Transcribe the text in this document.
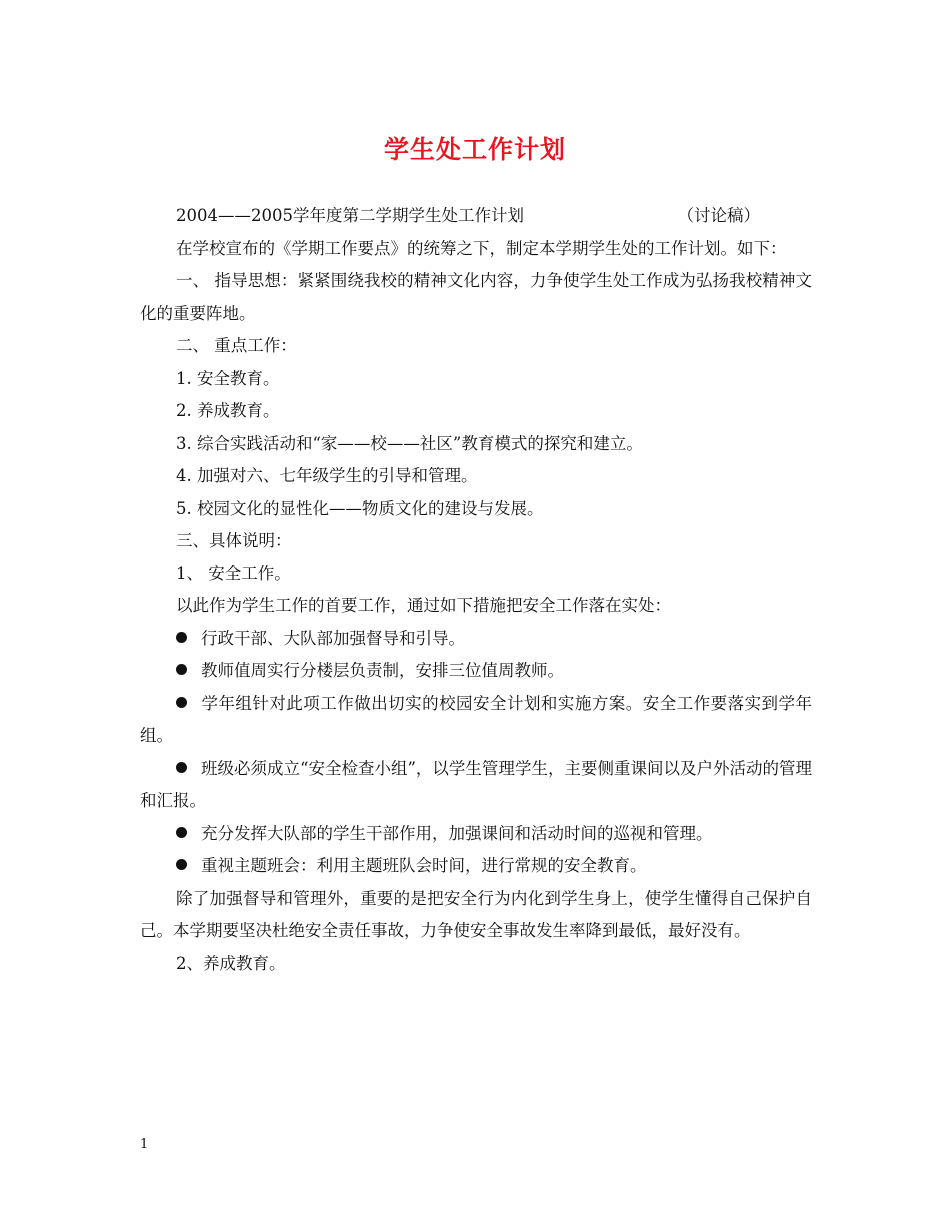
学生处工作计划
2004——2005学年度第二学期学生处工作计划	（讨论稿）

在学校宣布的《学期工作要点》的统筹之下，制定本学期学生处的工作计划。如下：

一、 指导思想：紧紧围绕我校的精神文化内容，力争使学生处工作成为弘扬我校精神文化的重要阵地。

二、 重点工作：

1. 安全教育。

2. 养成教育。

3. 综合实践活动和“家——校——社区”教育模式的探究和建立。

4. 加强对六、七年级学生的引导和管理。

5. 校园文化的显性化——物质文化的建设与发展。

三、具体说明：

1、 安全工作。

以此作为学生工作的首要工作，通过如下措施把安全工作落在实处：

行政干部、大队部加强督导和引导。

教师值周实行分楼层负责制，安排三位值周教师。

学年组针对此项工作做出切实的校园安全计划和实施方案。安全工作要落实到学年组。

班级必须成立“安全检查小组”，以学生管理学生，主要侧重课间以及户外活动的管理和汇报。

充分发挥大队部的学生干部作用，加强课间和活动时间的巡视和管理。

重视主题班会：利用主题班队会时间，进行常规的安全教育。

除了加强督导和管理外，重要的是把安全行为内化到学生身上，使学生懂得自己保护自己。本学期要坚决杜绝安全责任事故，力争使安全事故发生率降到最低，最好没有。

2、养成教育。

1
